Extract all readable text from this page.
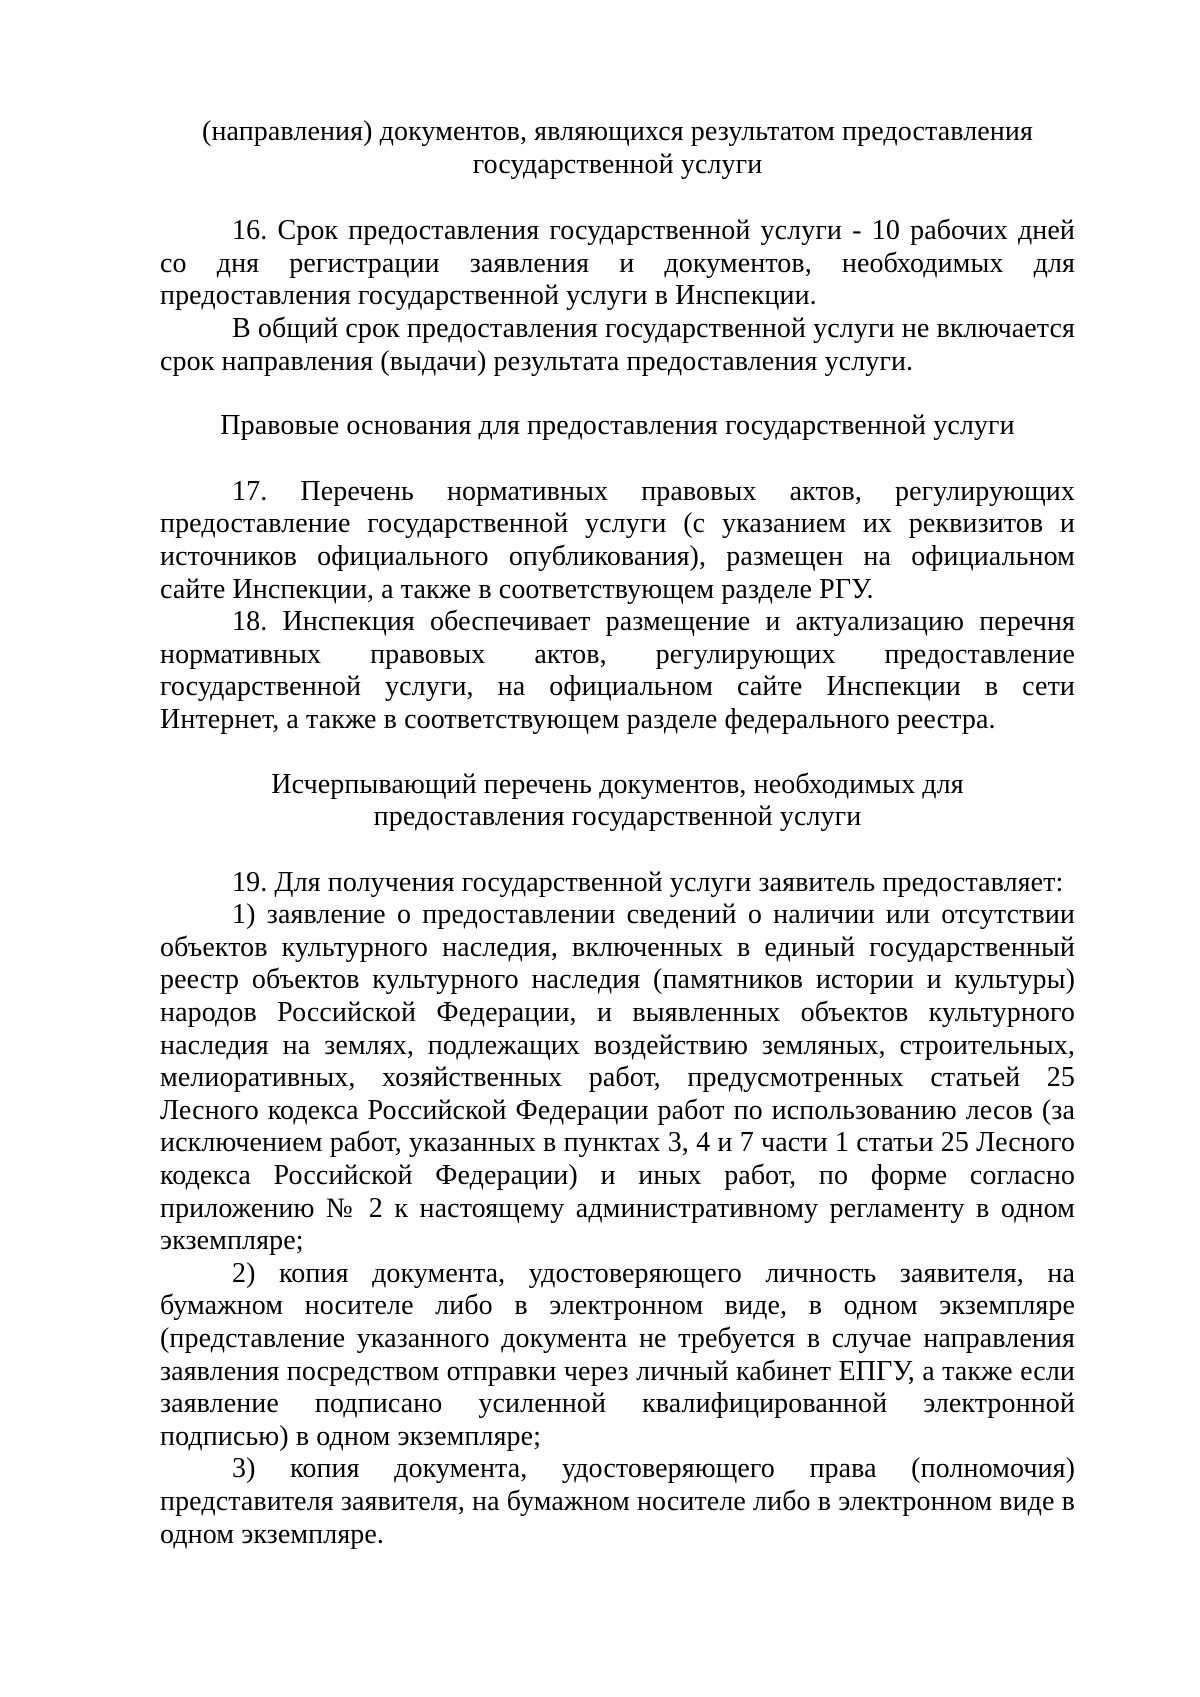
(направления) документов, являющихся результатом предоставления

государственной услуги

16. Срок предоставления государственной услуги - 10 рабочих дней со дня регистрации заявления и документов, необходимых для предоставления государственной услуги в Инспекции.

В общий срок предоставления государственной услуги не включается срок направления (выдачи) результата предоставления услуги.

Правовые основания для предоставления государственной услуги

17. Перечень нормативных правовых актов, регулирующих предоставление государственной услуги (с указанием их реквизитов и источников официального опубликования), размещен на официальном сайте Инспекции, а также в соответствующем разделе РГУ.

18. Инспекция обеспечивает размещение и актуализацию перечня нормативных правовых актов, регулирующих предоставление государственной услуги, на официальном сайте Инспекции в сети Интернет, а также в соответствующем разделе федерального реестра.

Исчерпывающий перечень документов, необходимых для

предоставления государственной услуги

19. Для получения государственной услуги заявитель предоставляет:

1) заявление о предоставлении сведений о наличии или отсутствии объектов культурного наследия, включенных в единый государственный реестр объектов культурного наследия (памятников истории и культуры) народов Российской Федерации, и выявленных объектов культурного наследия на землях, подлежащих воздействию земляных, строительных, мелиоративных, хозяйственных работ, предусмотренных статьей 25 Лесного кодекса Российской Федерации работ по использованию лесов (за исключением работ, указанных в пунктах 3, 4 и 7 части 1 статьи 25 Лесного кодекса Российской Федерации) и иных работ, по форме согласно приложению № 2 к настоящему административному регламенту в одном экземпляре;

2) копия документа, удостоверяющего личность заявителя, на бумажном носителе либо в электронном виде, в одном экземпляре (представление указанного документа не требуется в случае направления заявления посредством отправки через личный кабинет ЕПГУ, а также если заявление подписано усиленной квалифицированной электронной подписью) в одном экземпляре;

3) копия документа, удостоверяющего права (полномочия) представителя заявителя, на бумажном носителе либо в электронном виде в одном экземпляре.
